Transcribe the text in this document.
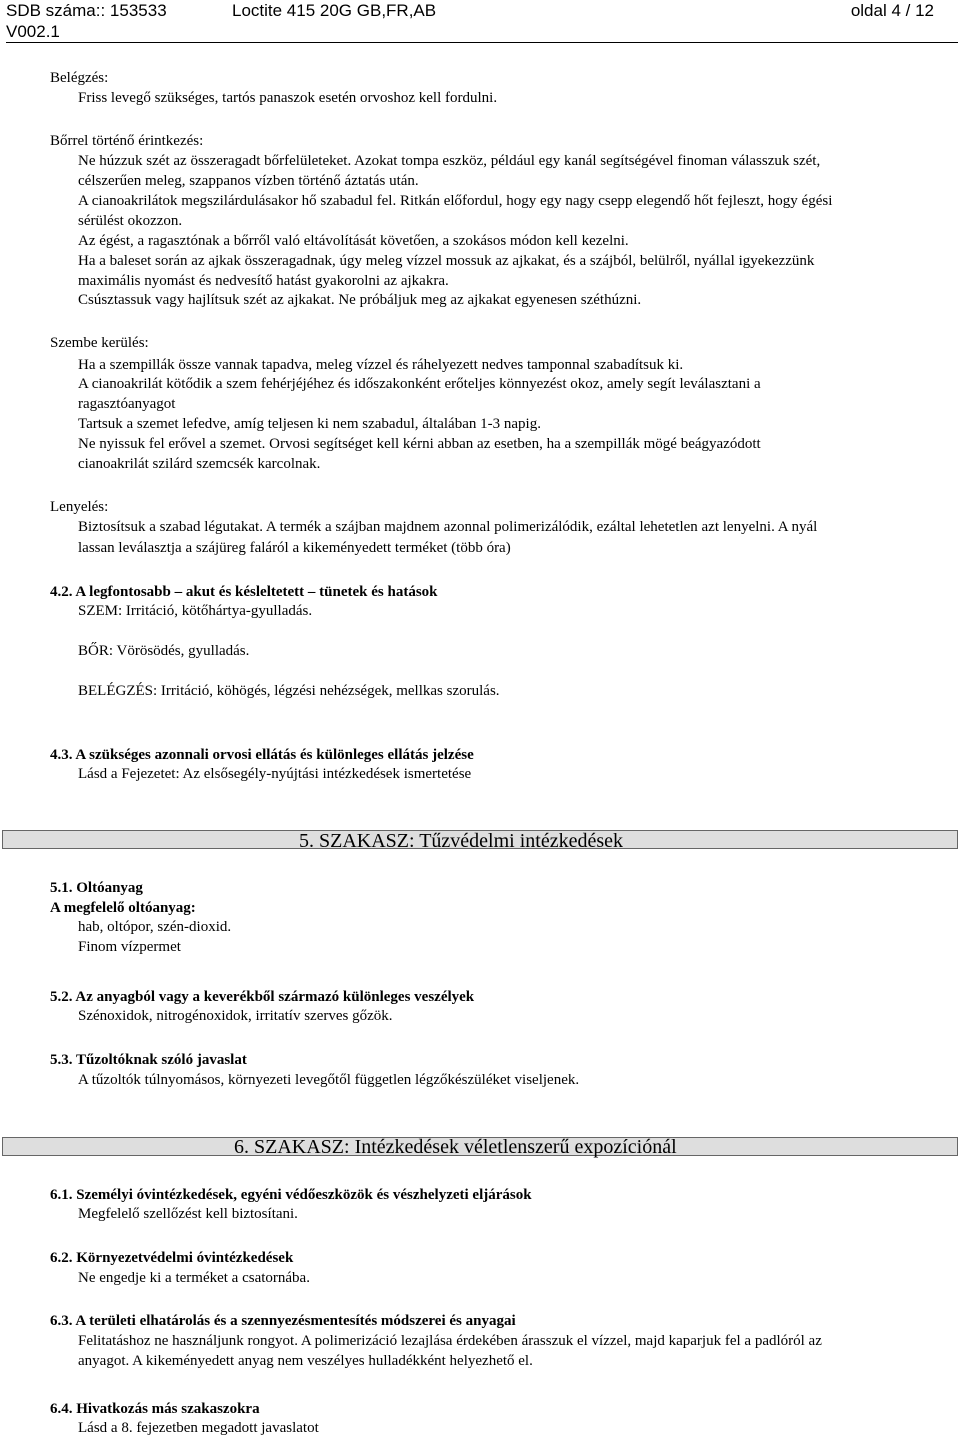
SDB száma:: 153533	Loctite 415 20G GB,FR,AB	oldal 4 / 12
V002.1
Belégzés:
Friss levegő szükséges, tartós panaszok esetén orvoshoz kell fordulni.
Bőrrel történő érintkezés:
Ne húzzuk szét az összeragadt bőrfelületeket. Azokat tompa eszköz, például egy kanál segítségével finoman válasszuk szét,
célszerűen meleg, szappanos vízben történő áztatás után.
A cianoakrilátok megszilárdulásakor hő szabadul fel. Ritkán előfordul, hogy egy nagy csepp elegendő hőt fejleszt, hogy égési
sérülést okozzon.
Az égést, a ragasztónak a bőrről való eltávolítását követően, a szokásos módon kell kezelni.
Ha a baleset során az ajkak összeragadnak, úgy meleg vízzel mossuk az ajkakat, és a szájból, belülről, nyállal igyekezzünk
maximális nyomást és nedvesítő hatást gyakorolni az ajkakra.
Csúsztassuk vagy hajlítsuk szét az ajkakat. Ne próbáljuk meg az ajkakat egyenesen széthúzni.
Szembe kerülés:
Ha a szempillák össze vannak tapadva, meleg vízzel és ráhelyezett nedves tamponnal szabadítsuk ki.
A cianoakrilát kötődik a szem fehérjéjéhez és időszakonként erőteljes könnyezést okoz, amely segít leválasztani a
ragasztóanyagot
Tartsuk a szemet lefedve, amíg teljesen ki nem szabadul, általában 1-3 napig.
Ne nyissuk fel erővel a szemet. Orvosi segítséget kell kérni abban az esetben, ha a szempillák mögé beágyazódott
cianoakrilát szilárd szemcsék karcolnak.
Lenyelés:
Biztosítsuk a szabad légutakat. A termék a szájban majdnem azonnal polimerizálódik, ezáltal lehetetlen azt lenyelni. A nyál
lassan leválasztja a szájüreg faláról a kikeményedett terméket (több óra)
4.2. A legfontosabb – akut és késleltetett – tünetek és hatások
SZEM: Irritáció, kötőhártya-gyulladás.
BŐR: Vörösödés, gyulladás.
BELÉGZÉS: Irritáció, köhögés, légzési nehézségek, mellkas szorulás.
4.3. A szükséges azonnali orvosi ellátás és különleges ellátás jelzése
Lásd a Fejezetet: Az elsősegély-nyújtási intézkedések ismertetése
5. SZAKASZ: Tűzvédelmi intézkedések
5.1. Oltóanyag
A megfelelő oltóanyag:
hab, oltópor, szén-dioxid.
Finom vízpermet
5.2. Az anyagból vagy a keverékből származó különleges veszélyek
Szénoxidok, nitrogénoxidok, irritatív szerves gőzök.
5.3. Tűzoltóknak szóló javaslat
A tűzoltók túlnyomásos, környezeti levegőtől független légzőkészüléket viseljenek.
6. SZAKASZ: Intézkedések véletlenszerű expozíciónál
6.1. Személyi óvintézkedések, egyéni védőeszközök és vészhelyzeti eljárások
Megfelelő szellőzést kell biztosítani.
6.2. Környezetvédelmi óvintézkedések
Ne engedje ki a terméket a csatornába.
6.3. A területi elhatárolás és a szennyezésmentesítés módszerei és anyagai
Felitatáshoz ne használjunk rongyot. A polimerizáció lezajlása érdekében árasszuk el vízzel, majd kaparjuk fel a padlóról az
anyagot. A kikeményedett anyag nem veszélyes hulladékként helyezhető el.
6.4. Hivatkozás más szakaszokra
Lásd a 8. fejezetben megadott javaslatot
